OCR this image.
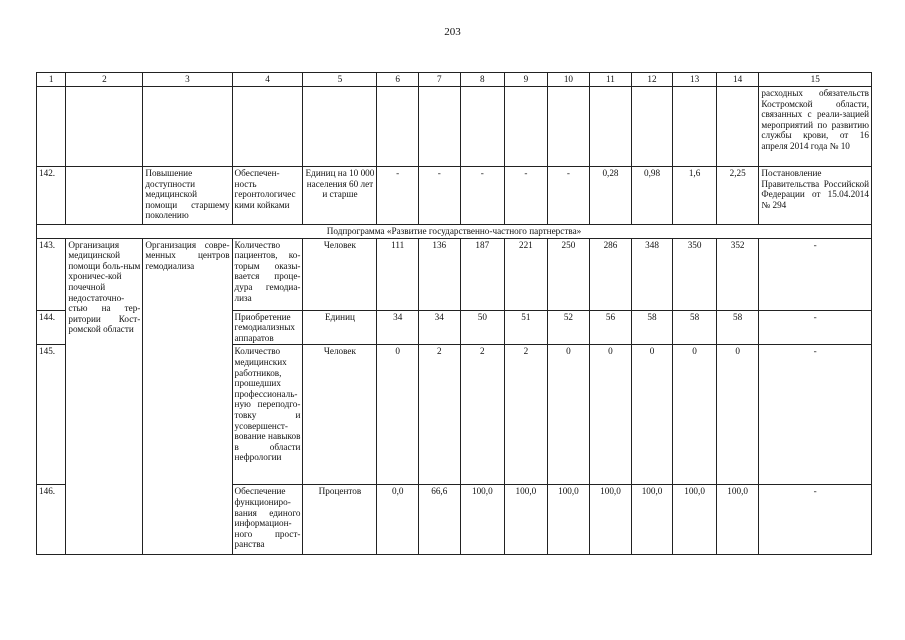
203
1	2	3	4	5	6	7	8	9	10	11	12	13	14	15
														расходных обязательств Костромской области, связанных с реали-зацией мероприятий по развитию службы крови, от 16 апреля 2014 года № 10
142.		Повышение доступности медицинской помощи старшему поколению	Обеспечен-ность геронтологичес кими койками	Единиц на 10 000 населения 60 лет и старше	-	-	-	-	-	0,28	0,98	1,6	2,25	Постановление Правительства Российской Федерации от 15.04.2014 № 294
Подпрограмма «Развитие государственно-частного партнерства»														
143.	Организация медицинской помощи боль-ным хроничес-кой почечной недостаточно-стью на тер-ритории Кост-ромской области	Организация совре-менных центров гемодиализа	Количество пациентов, ко-торым оказы-вается проце-дура гемодиа-лиза	Человек	111	136	187	221	250	286	348	350	352	-
144.			Приобретение гемодиализных аппаратов	Единиц	34	34	50	51	52	56	58	58	58	-
145.			Количество медицинских работников, прошедших профессиональ-ную переподго-товку и усовершенст-вование навыков в области нефрологии	Человек	0	2	2	2	0	0	0	0	0	-
146.			Обеспечение функциониро-вания единого информацион-ного прост-ранства	Процентов	0,0	66,6	100,0	100,0	100,0	100,0	100,0	100,0	100,0	-
